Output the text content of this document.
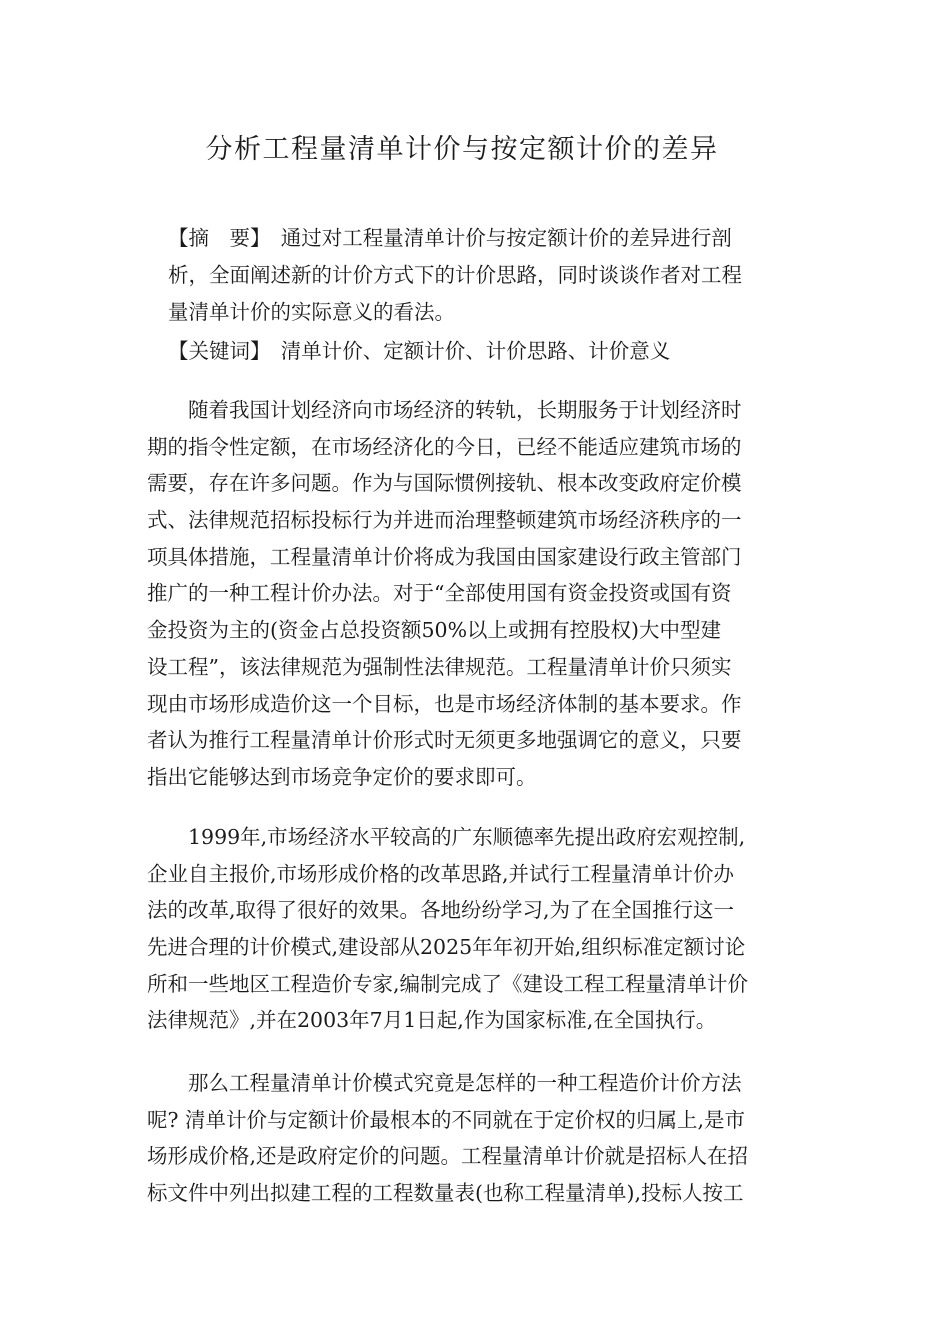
分析工程量清单计价与按定额计价的差异
【摘　要】　通过对工程量清单计价与按定额计价的差异进行剖
析，全面阐述新的计价方式下的计价思路，同时谈谈作者对工程
量清单计价的实际意义的看法。
【关键词】　清单计价、定额计价、计价思路、计价意义
　　随着我国计划经济向市场经济的转轨，长期服务于计划经济时
期的指令性定额，在市场经济化的今日，已经不能适应建筑市场的
需要，存在许多问题。作为与国际惯例接轨、根本改变政府定价模
式、法律规范招标投标行为并进而治理整顿建筑市场经济秩序的一
项具体措施，工程量清单计价将成为我国由国家建设行政主管部门
推广的一种工程计价办法。对于“全部使用国有资金投资或国有资
金投资为主的(资金占总投资额50%以上或拥有控股权)大中型建
设工程”，该法律规范为强制性法律规范。工程量清单计价只须实
现由市场形成造价这一个目标，也是市场经济体制的基本要求。作
者认为推行工程量清单计价形式时无须更多地强调它的意义，只要
指出它能够达到市场竞争定价的要求即可。
　　1999年,市场经济水平较高的广东顺德率先提出政府宏观控制,
企业自主报价,市场形成价格的改革思路,并试行工程量清单计价办
法的改革,取得了很好的效果。各地纷纷学习,为了在全国推行这一
先进合理的计价模式,建设部从2025年年初开始,组织标准定额讨论
所和一些地区工程造价专家,编制完成了《建设工程工程量清单计价
法律规范》,并在2003年7月1日起,作为国家标准,在全国执行。
　　那么工程量清单计价模式究竟是怎样的一种工程造价计价方法
呢? 清单计价与定额计价最根本的不同就在于定价权的归属上,是市
场形成价格,还是政府定价的问题。工程量清单计价就是招标人在招
标文件中列出拟建工程的工程数量表(也称工程量清单),投标人按工
